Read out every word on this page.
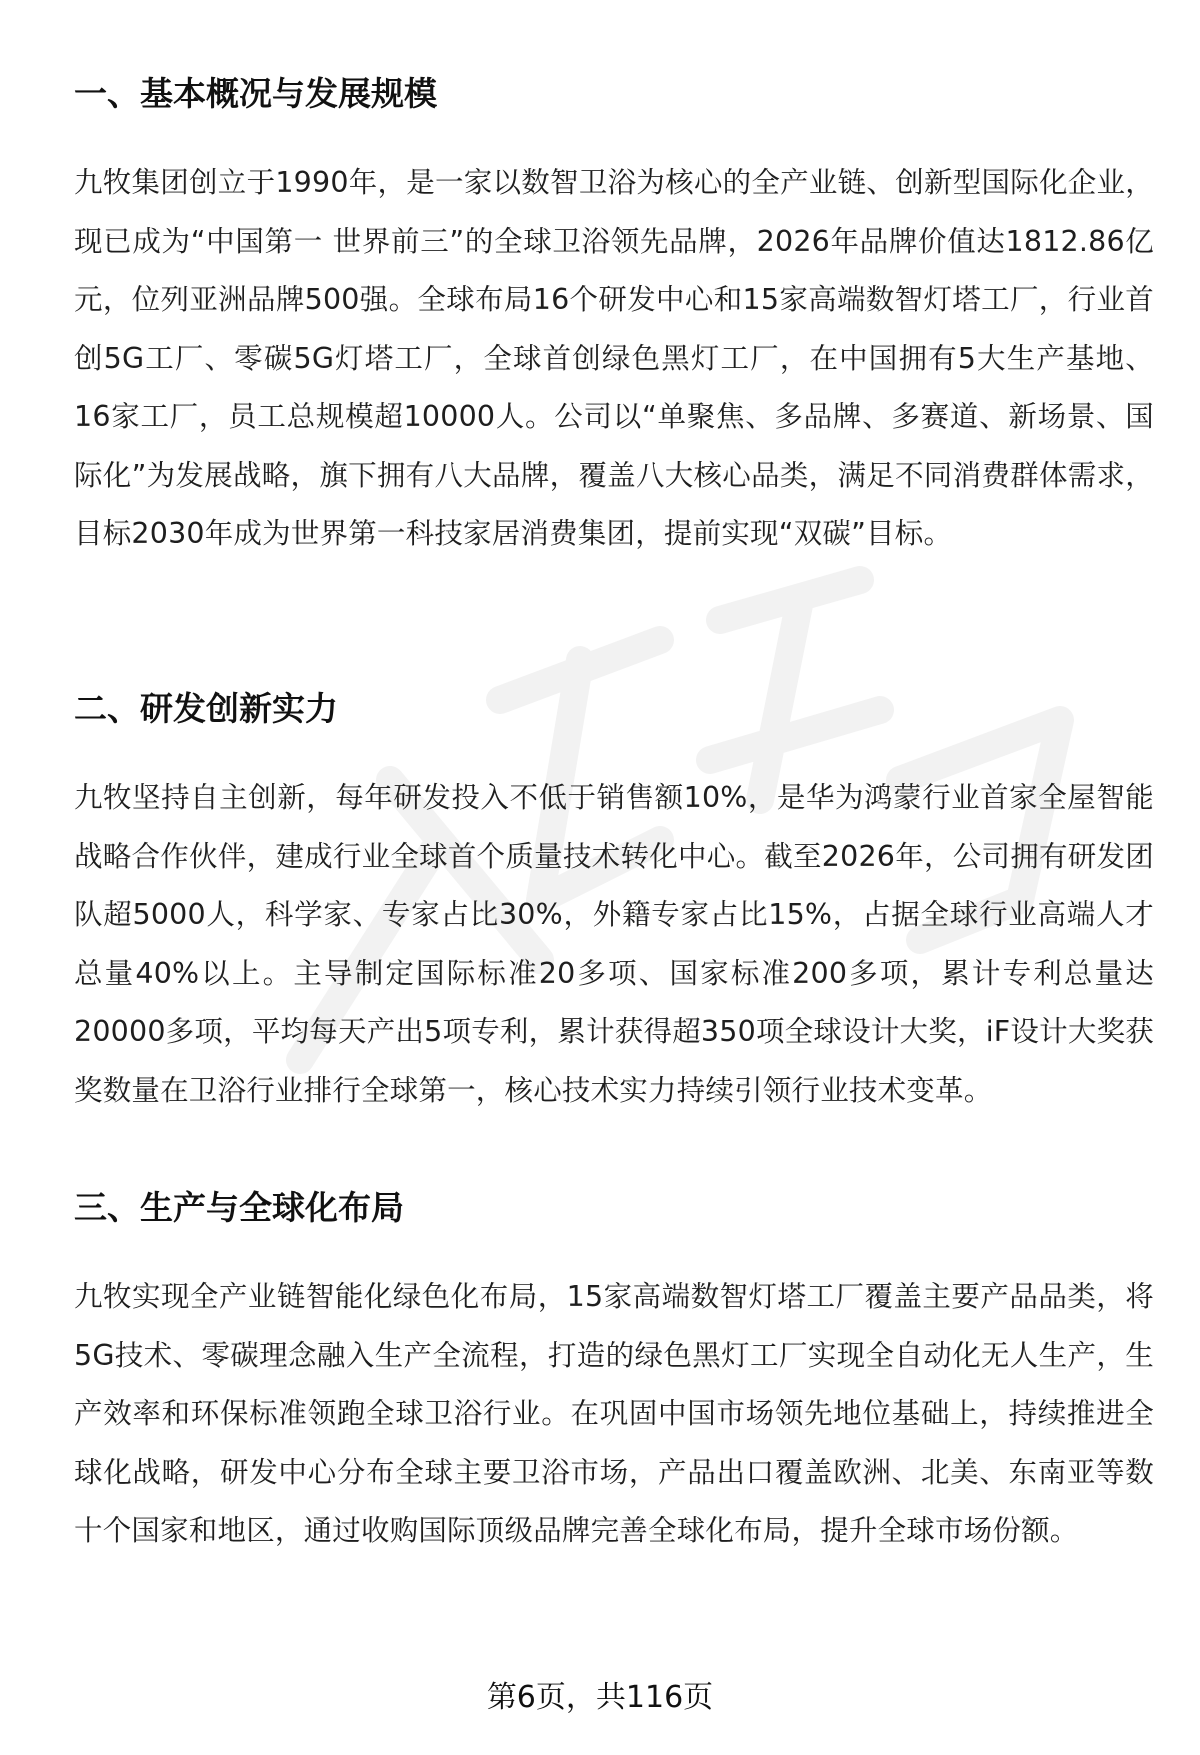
一、基本概况与发展规模

九牧集团创立于1990年，是一家以数智卫浴为核心的全产业链、创新型国际化企业，现已成为“中国第一 世界前三”的全球卫浴领先品牌，2026年品牌价值达1812.86亿元，位列亚洲品牌500强。全球布局16个研发中心和15家高端数智灯塔工厂，行业首创5G工厂、零碳5G灯塔工厂，全球首创绿色黑灯工厂，在中国拥有5大生产基地、16家工厂，员工总规模超10000人。公司以“单聚焦、多品牌、多赛道、新场景、国际化”为发展战略，旗下拥有八大品牌，覆盖八大核心品类，满足不同消费群体需求，目标2030年成为世界第一科技家居消费集团，提前实现“双碳”目标。

二、研发创新实力

九牧坚持自主创新，每年研发投入不低于销售额10%，是华为鸿蒙行业首家全屋智能战略合作伙伴，建成行业全球首个质量技术转化中心。截至2026年，公司拥有研发团队超5000人，科学家、专家占比30%，外籍专家占比15%，占据全球行业高端人才总量40%以上。主导制定国际标准20多项、国家标准200多项，累计专利总量达20000多项，平均每天产出5项专利，累计获得超350项全球设计大奖，iF设计大奖获奖数量在卫浴行业排行全球第一，核心技术实力持续引领行业技术变革。

三、生产与全球化布局

九牧实现全产业链智能化绿色化布局，15家高端数智灯塔工厂覆盖主要产品品类，将5G技术、零碳理念融入生产全流程，打造的绿色黑灯工厂实现全自动化无人生产，生产效率和环保标准领跑全球卫浴行业。在巩固中国市场领先地位基础上，持续推进全球化战略，研发中心分布全球主要卫浴市场，产品出口覆盖欧洲、北美、东南亚等数十个国家和地区，通过收购国际顶级品牌完善全球化布局，提升全球市场份额。

第6页，共116页
